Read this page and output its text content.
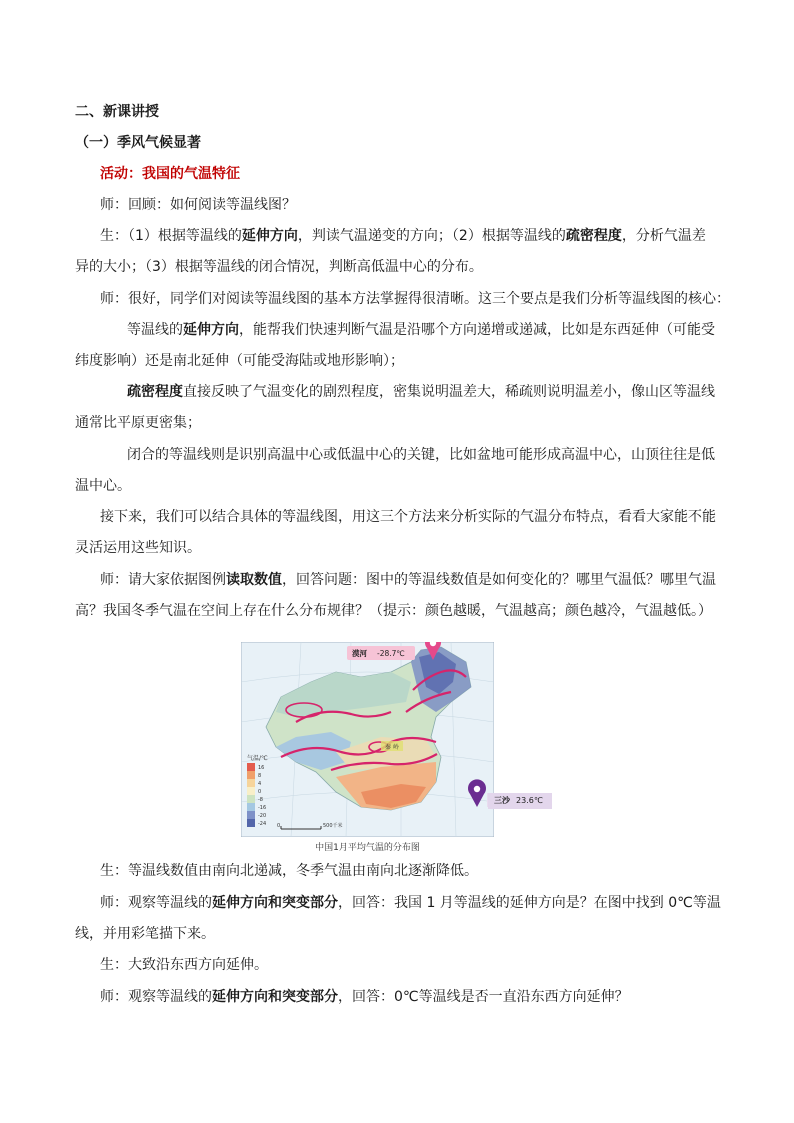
二、新课讲授
（一）季风气候显著
活动：我国的气温特征
师：回顾：如何阅读等温线图？
生：（1）根据等温线的延伸方向，判读气温递变的方向；（2）根据等温线的疏密程度，分析气温差
异的大小；（3）根据等温线的闭合情况，判断高低温中心的分布。
师：很好，同学们对阅读等温线图的基本方法掌握得很清晰。这三个要点是我们分析等温线图的核心：
等温线的延伸方向，能帮我们快速判断气温是沿哪个方向递增或递减，比如是东西延伸（可能受
纬度影响）还是南北延伸（可能受海陆或地形影响）；
疏密程度直接反映了气温变化的剧烈程度，密集说明温差大，稀疏则说明温差小，像山区等温线
通常比平原更密集；
闭合的等温线则是识别高温中心或低温中心的关键，比如盆地可能形成高温中心，山顶往往是低
温中心。
接下来，我们可以结合具体的等温线图，用这三个方法来分析实际的气温分布特点，看看大家能不能
灵活运用这些知识。
师：请大家依据图例读取数值，回答问题：图中的等温线数值是如何变化的？哪里气温低？哪里气温
高？我国冬季气温在空间上存在什么分布规律？（提示：颜色越暖，气温越高；颜色越冷，气温越低。）
秦 岭
气温/℃
16
8
4
0
-8
-16
-20
-24 0	500千米
漠河 -28.7℃
三沙 23.6℃
中国1月平均气温的分布图
生：等温线数值由南向北递减，冬季气温由南向北逐渐降低。
师：观察等温线的延伸方向和突变部分，回答：我国 1 月等温线的延伸方向是？在图中找到 0℃等温
线，并用彩笔描下来。
生：大致沿东西方向延伸。
师：观察等温线的延伸方向和突变部分，回答：0℃等温线是否一直沿东西方向延伸？
